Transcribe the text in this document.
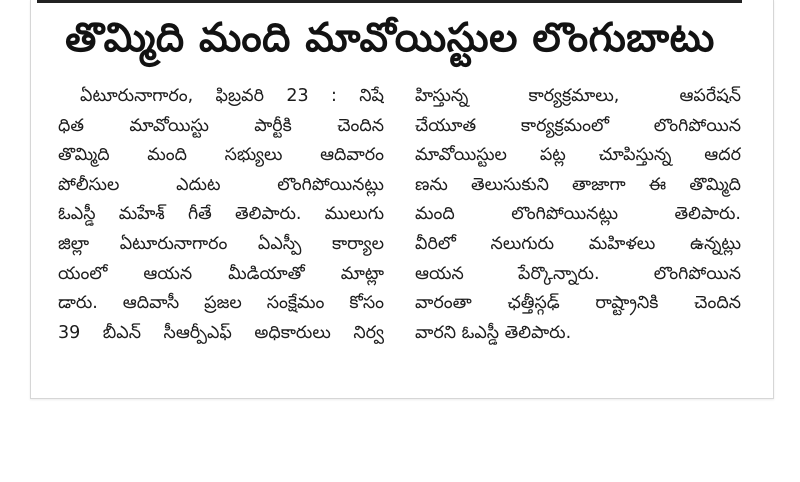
తొమ్మిది మంది మావోయిస్టుల లొంగుబాటు
ఏటూరునాగారం, ఫిబ్రవరి 23 : నిషే
ధిత మావోయిస్టు పార్టీకి చెందిన
తొమ్మిది మంది సభ్యులు ఆదివారం
పోలీసుల ఎదుట లొంగిపోయినట్లు
ఓఎస్డీ మహేశ్ గీతే తెలిపారు. ములుగు
జిల్లా ఏటూరునాగారం ఏఎస్పీ కార్యాల
యంలో ఆయన మీడియాతో మాట్లా
డారు. ఆదివాసీ ప్రజల సంక్షేమం కోసం
39 బీఎన్ సీఆర్పీఎఫ్ అధికారులు నిర్వ
హిస్తున్న కార్యక్రమాలు, ఆపరేషన్
చేయూత కార్యక్రమంలో లొంగిపోయిన
మావోయిస్టుల పట్ల చూపిస్తున్న ఆదర
ణను తెలుసుకుని తాజాగా ఈ తొమ్మిది
మంది లొంగిపోయినట్లు తెలిపారు.
వీరిలో నలుగురు మహిళలు ఉన్నట్లు
ఆయన పేర్కొన్నారు. లొంగిపోయిన
వారంతా ఛత్తీస్గఢ్ రాష్ట్రానికి చెందిన
వారని ఓఎస్డీ తెలిపారు.
